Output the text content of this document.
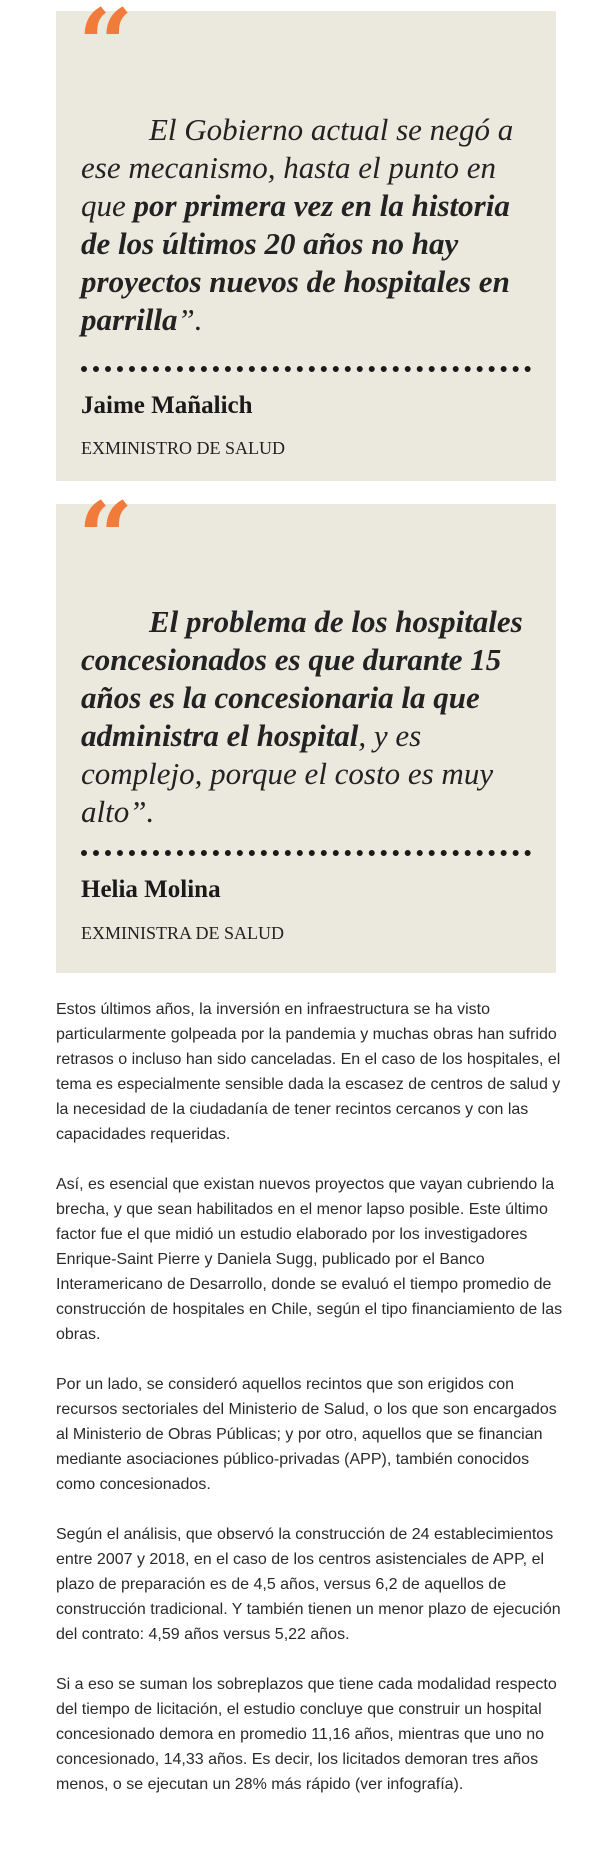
“

El Gobierno actual se negó a ese mecanismo, hasta el punto en que por primera vez en la historia de los últimos 20 años no hay proyectos nuevos de hospitales en parrilla”.

Jaime Mañalich

EXMINISTRO DE SALUD

“

El problema de los hospitales concesionados es que durante 15 años es la concesionaria la que administra el hospital, y es complejo, porque el costo es muy alto”.

Helia Molina

EXMINISTRA DE SALUD

Estos últimos años, la inversión en infraestructura se ha visto particularmente golpeada por la pandemia y muchas obras han sufrido retrasos o incluso han sido canceladas. En el caso de los hospitales, el tema es especialmente sensible dada la escasez de centros de salud y la necesidad de la ciudadanía de tener recintos cercanos y con las capacidades requeridas.

Así, es esencial que existan nuevos proyectos que vayan cubriendo la brecha, y que sean habilitados en el menor lapso posible. Este último factor fue el que midió un estudio elaborado por los investigadores Enrique-Saint Pierre y Daniela Sugg, publicado por el Banco Interamericano de Desarrollo, donde se evaluó el tiempo promedio de construcción de hospitales en Chile, según el tipo financiamiento de las obras.

Por un lado, se consideró aquellos recintos que son erigidos con recursos sectoriales del Ministerio de Salud, o los que son encargados al Ministerio de Obras Públicas; y por otro, aquellos que se financian mediante asociaciones público-privadas (APP), también conocidos como concesionados.

Según el análisis, que observó la construcción de 24 establecimientos entre 2007 y 2018, en el caso de los centros asistenciales de APP, el plazo de preparación es de 4,5 años, versus 6,2 de aquellos de construcción tradicional. Y también tienen un menor plazo de ejecución del contrato: 4,59 años versus 5,22 años.

Si a eso se suman los sobreplazos que tiene cada modalidad respecto del tiempo de licitación, el estudio concluye que construir un hospital concesionado demora en promedio 11,16 años, mientras que uno no concesionado, 14,33 años. Es decir, los licitados demoran tres años menos, o se ejecutan un 28% más rápido (ver infografía).
